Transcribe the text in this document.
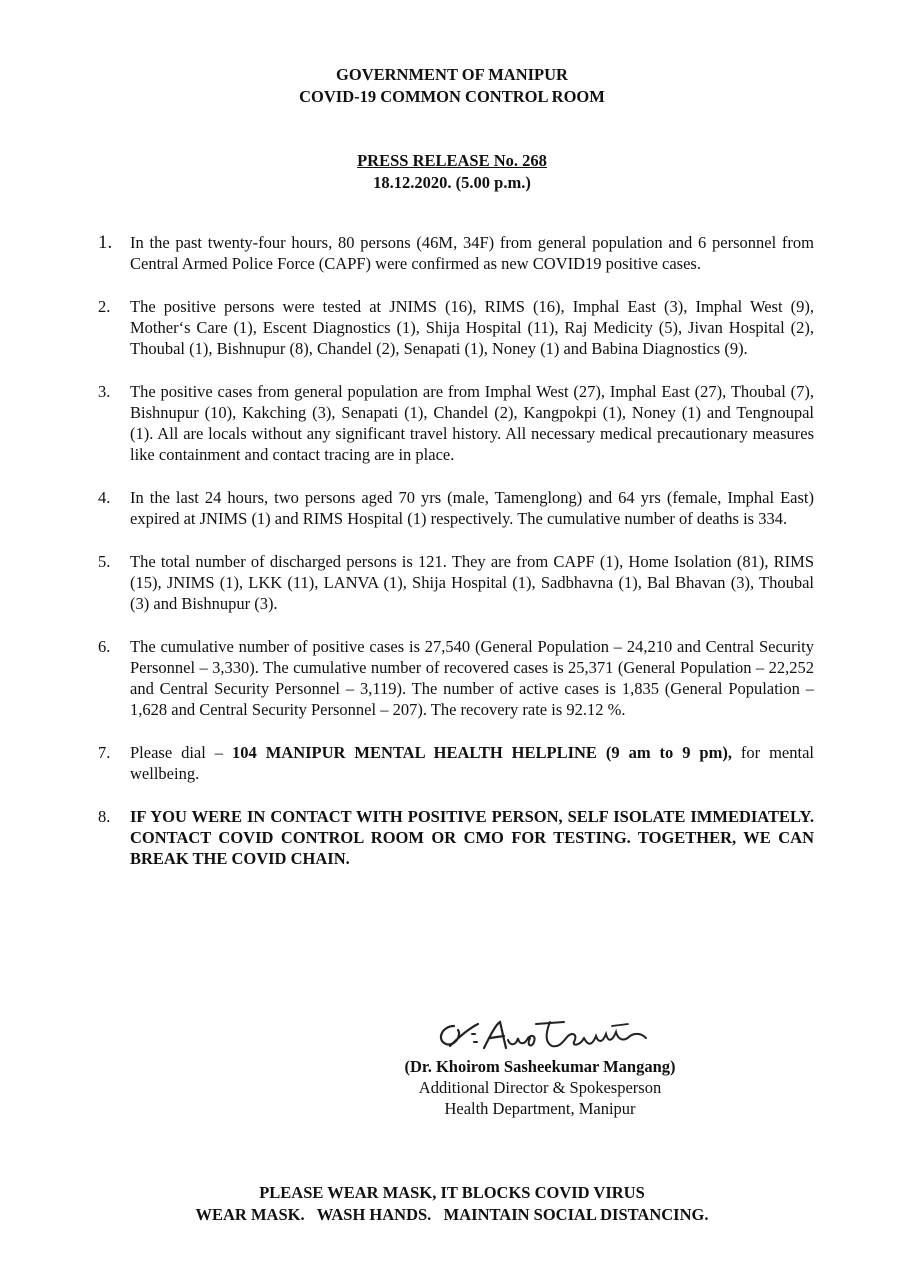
GOVERNMENT OF MANIPUR
COVID-19 COMMON CONTROL ROOM
PRESS RELEASE No. 268
18.12.2020. (5.00 p.m.)
1.	In the past twenty-four hours, 80 persons (46M, 34F) from general population and 6 personnel from Central Armed Police Force (CAPF) were confirmed as new COVID19 positive cases.
2.	The positive persons were tested at JNIMS (16), RIMS (16), Imphal East (3), Imphal West (9), Mother‘s Care (1), Escent Diagnostics (1), Shija Hospital (11), Raj Medicity (5), Jivan Hospital (2), Thoubal (1), Bishnupur (8), Chandel (2), Senapati (1), Noney (1) and Babina Diagnostics (9).
3.	The positive cases from general population are from Imphal West (27), Imphal East (27), Thoubal (7), Bishnupur (10), Kakching (3), Senapati (1), Chandel (2), Kangpokpi (1), Noney (1) and Tengnoupal (1). All are locals without any significant travel history. All necessary medical precautionary measures like containment and contact tracing are in place.
4.	In the last 24 hours, two persons aged 70 yrs (male, Tamenglong) and 64 yrs (female, Imphal East) expired at JNIMS (1) and RIMS Hospital (1) respectively. The cumulative number of deaths is 334.
5.	The total number of discharged persons is 121. They are from CAPF (1), Home Isolation (81), RIMS (15), JNIMS (1), LKK (11), LANVA (1), Shija Hospital (1), Sadbhavna (1), Bal Bhavan (3), Thoubal (3) and Bishnupur (3).
6.	The cumulative number of positive cases is 27,540 (General Population – 24,210 and Central Security Personnel – 3,330). The cumulative number of recovered cases is 25,371 (General Population – 22,252 and Central Security Personnel – 3,119). The number of active cases is 1,835 (General Population – 1,628 and Central Security Personnel – 207). The recovery rate is 92.12 %.
7.	Please dial – 104 MANIPUR MENTAL HEALTH HELPLINE (9 am to 9 pm), for mental wellbeing.
8.	IF YOU WERE IN CONTACT WITH POSITIVE PERSON, SELF ISOLATE IMMEDIATELY. CONTACT COVID CONTROL ROOM OR CMO FOR TESTING. TOGETHER, WE CAN BREAK THE COVID CHAIN.
(Dr. Khoirom Sasheekumar Mangang)
Additional Director & Spokesperson
Health Department, Manipur
PLEASE WEAR MASK, IT BLOCKS COVID VIRUS
WEAR MASK. WASH HANDS. MAINTAIN SOCIAL DISTANCING.
